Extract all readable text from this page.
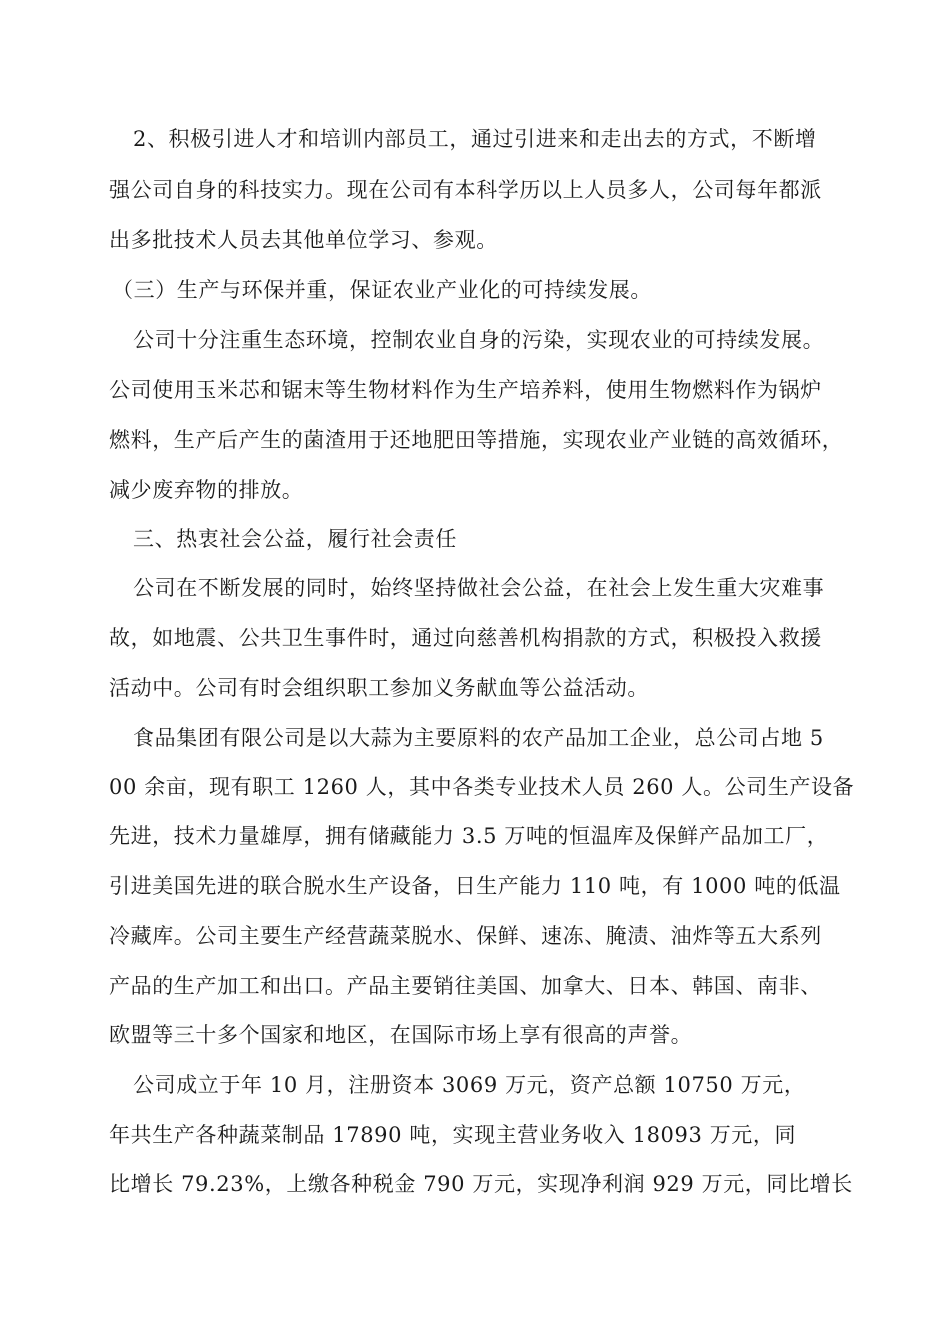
2、积极引进人才和培训内部员工，通过引进来和走出去的方式，不断增
强公司自身的科技实力。现在公司有本科学历以上人员多人，公司每年都派
出多批技术人员去其他单位学习、参观。
（三）生产与环保并重，保证农业产业化的可持续发展。
公司十分注重生态环境，控制农业自身的污染，实现农业的可持续发展。
公司使用玉米芯和锯末等生物材料作为生产培养料，使用生物燃料作为锅炉
燃料，生产后产生的菌渣用于还地肥田等措施，实现农业产业链的高效循环，
减少废弃物的排放。
三、热衷社会公益，履行社会责任
公司在不断发展的同时，始终坚持做社会公益，在社会上发生重大灾难事
故，如地震、公共卫生事件时，通过向慈善机构捐款的方式，积极投入救援
活动中。公司有时会组织职工参加义务献血等公益活动。
食品集团有限公司是以大蒜为主要原料的农产品加工企业，总公司占地 5
00 余亩，现有职工 1260 人，其中各类专业技术人员 260 人。公司生产设备
先进，技术力量雄厚，拥有储藏能力 3.5 万吨的恒温库及保鲜产品加工厂，
引进美国先进的联合脱水生产设备，日生产能力 110 吨，有 1000 吨的低温
冷藏库。公司主要生产经营蔬菜脱水、保鲜、速冻、腌渍、油炸等五大系列
产品的生产加工和出口。产品主要销往美国、加拿大、日本、韩国、南非、
欧盟等三十多个国家和地区，在国际市场上享有很高的声誉。
公司成立于年 10 月，注册资本 3069 万元，资产总额 10750 万元，
年共生产各种蔬菜制品 17890 吨，实现主营业务收入 18093 万元，同
比增长 79.23%，上缴各种税金 790 万元，实现净利润 929 万元，同比增长
